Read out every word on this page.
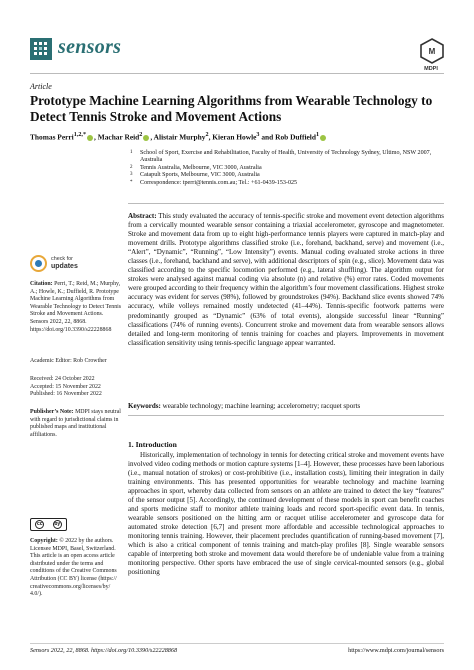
sensors	M
MDPI
Article
Prototype Machine Learning Algorithms from Wearable Technology to Detect Tennis Stroke and Movement Actions
Thomas Perri$^{1,2,*}$ , Machar Reid$^2$ , Alistair Murphy$^2$, Kieran Howle$^3$ and Rob Duffield$^1$
1 School of Sport, Exercise and Rehabilitation, Faculty of Health, University of Technology Sydney, Ultimo, NSW 2007, Australia
2 Tennis Australia, Melbourne, VIC 3000, Australia
3 Catapult Sports, Melbourne, VIC 3000, Australia
* Correspondence: tperri@tennis.com.au; Tel.: +61-0439-153-025
Abstract: This study evaluated the accuracy of tennis-specific stroke and movement event detection algorithms from a cervically mounted wearable sensor containing a triaxial accelerometer, gyroscope and magnetometer. Stroke and movement data from up to eight high-performance tennis players were captured in match-play and movement drills. Prototype algorithms classified stroke (i.e., forehand, backhand, serve) and movement (i.e., “Alert”, “Dynamic”, “Running”, “Low Intensity”) events. Manual coding evaluated stroke actions in three classes (i.e., forehand, backhand and serve), with additional descriptors of spin (e.g., slice). Movement data was classified according to the specific locomotion performed (e.g., lateral shuffling). The algorithm output for strokes were analysed against manual coding via absolute (n) and relative (%) error rates. Coded movements were grouped according to their frequency within the algorithm’s four movement classifications. Highest stroke accuracy was evident for serves (98%), followed by groundstrokes (94%). Backhand slice events showed 74% accuracy, while volleys remained mostly undetected (41–44%). Tennis-specific footwork patterns were predominantly grouped as “Dynamic” (63% of total events), alongside successful linear “Running” classifications (74% of running events). Concurrent stroke and movement data from wearable sensors allows detailed and long-term monitoring of tennis training for coaches and players. Improvements in movement classification sensitivity using tennis-specific language appear warranted.
Keywords: wearable technology; machine learning; accelerometry; racquet sports
check for
updates
Citation: Perri, T.; Reid, M.; Murphy, A.; Howle, K.; Duffield, R. Prototype Machine Learning Algorithms from Wearable Technology to Detect Tennis Stroke and Movement Actions. Sensors 2022, 22, 8868. https://doi.org/10.3390/s22228868
Academic Editor: Rob Crowther
Received: 24 October 2022
Accepted: 15 November 2022
Published: 16 November 2022
Publisher’s Note: MDPI stays neutral with regard to jurisdictional claims in published maps and institutional affiliations.
cc	by
Copyright: © 2022 by the authors. Licensee MDPI, Basel, Switzerland. This article is an open access article distributed under the terms and conditions of the Creative Commons Attribution (CC BY) license (https:// creativecommons.org/licenses/by/ 4.0/).
1. Introduction
Historically, implementation of technology in tennis for detecting critical stroke and movement events have involved video coding methods or motion capture systems [1–4]. However, these processes have been laborious (i.e., manual notation of strokes) or cost-prohibitive (i.e., installation costs), limiting their integration in daily training environments. This has presented opportunities for wearable technology and machine learning approaches in sport, whereby data collected from sensors on an athlete are trained to detect the key “features” of the sensor output [5]. Accordingly, the continued development of these models in sport can benefit coaches and sports medicine staff to monitor athlete training loads and record sport-specific event data. In tennis, wearable sensors positioned on the hitting arm or racquet utilise accelerometer and gyroscope data for automated stroke detection [6,7] and present more affordable and accessible technological approaches to monitoring tennis training. However, their placement precludes quantification of running-based movement [7], which is also a critical component of tennis training and match-play profiles [8]. Single wearable sensors capable of interpreting both stroke and movement data would therefore be of undeniable value from a training monitoring perspective. Other sports have embraced the use of single cervical-mounted sensors (e.g., global positioning
Sensors 2022, 22, 8868. https://doi.org/10.3390/s22228868	https://www.mdpi.com/journal/sensors
